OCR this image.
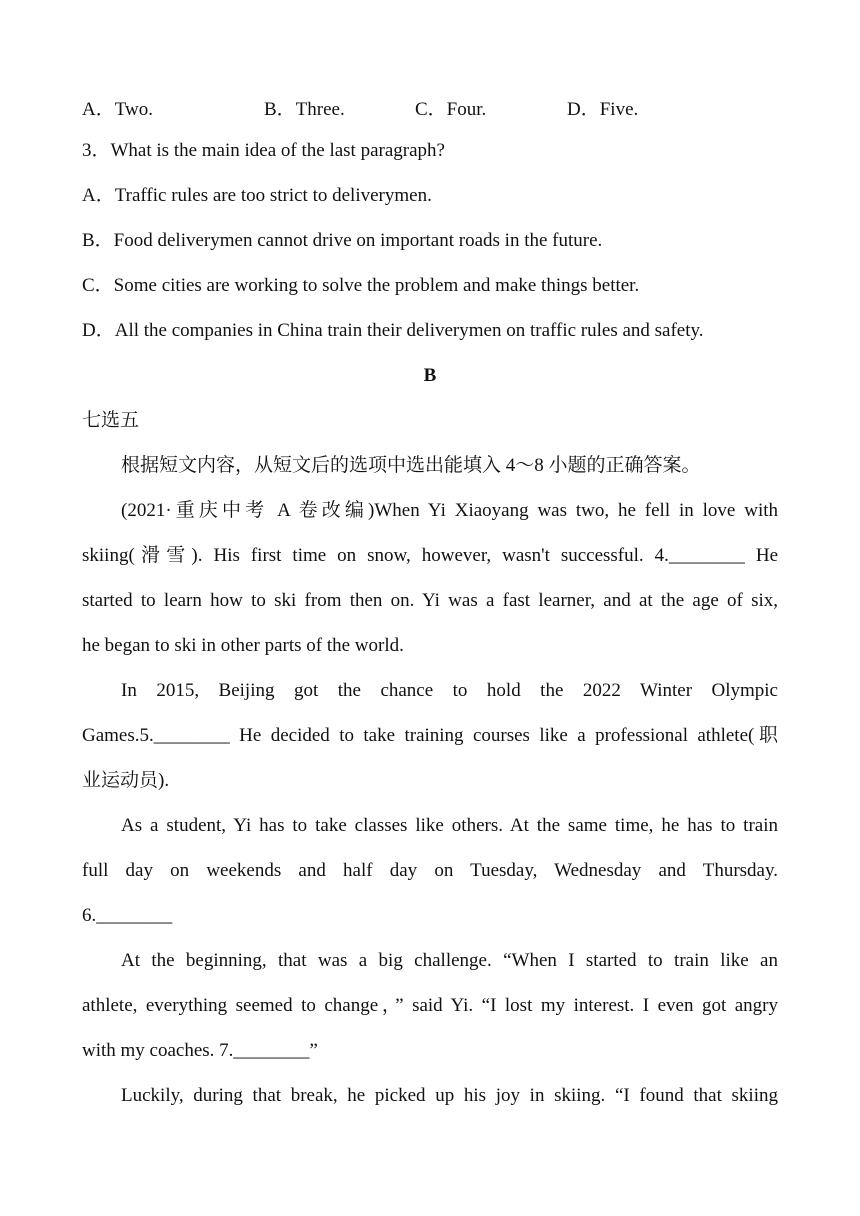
A．Two.	B．Three.	C．Four.	D．Five.
3．What is the main idea of the last paragraph?
A．Traffic rules are too strict to deliverymen.
B．Food deliverymen cannot drive on important roads in the future.
C．Some cities are working to solve the problem and make things better.
D．All the companies in China train their deliverymen on traffic rules and safety.
B
七选五
根据短文内容，从短文后的选项中选出能填入 4～8 小题的正确答案。
(2021·重庆中考 A 卷改编)When Yi Xiaoyang was two, he fell in love with
skiing(滑雪). His first time on snow, however, wasn't successful. 4.________ He
started to learn how to ski from then on. Yi was a fast learner, and at the age of six,
he began to ski in other parts of the world.
In 2015, Beijing got the chance to hold the 2022 Winter Olympic
Games.5.________ He decided to take training courses like a professional athlete(职
业运动员).
As a student, Yi has to take classes like others. At the same time, he has to train
full day on weekends and half day on Tuesday, Wednesday and Thursday.
6.________
At the beginning, that was a big challenge. “When I started to train like an
athlete, everything seemed to change，” said Yi. “I lost my interest. I even got angry
with my coaches. 7.________”
Luckily, during that break, he picked up his joy in skiing. “I found that skiing
